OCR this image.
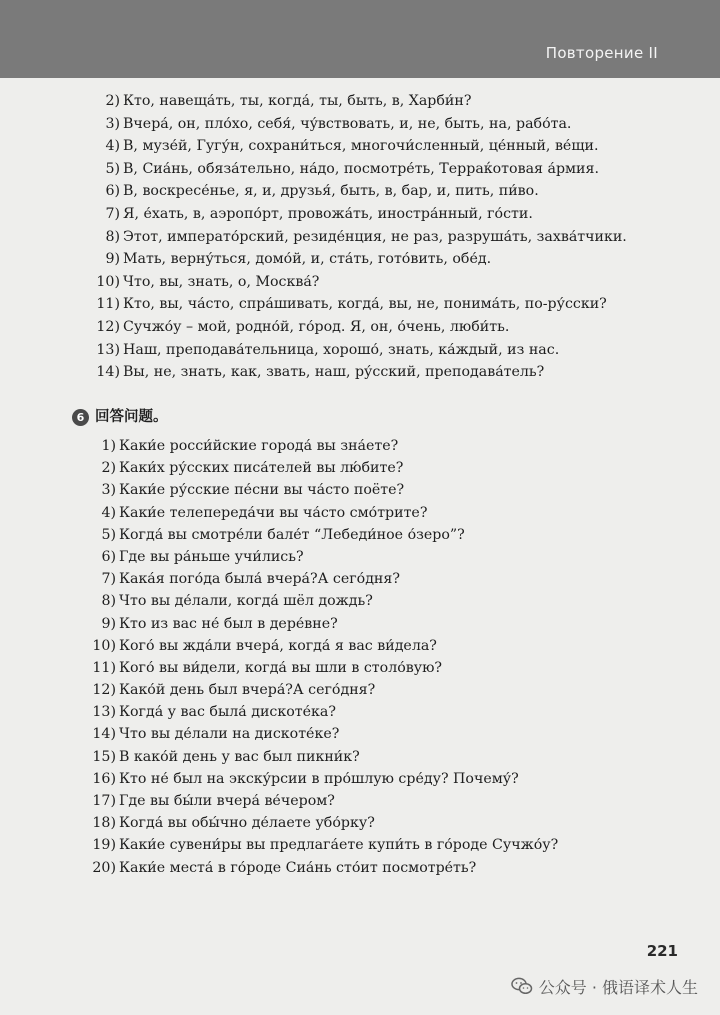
Повторение II
2) Кто, навеща́ть, ты, когда́, ты, быть, в, Харби́н?
3) Вчера́, он, пло́хо, себя́, чу́вствовать, и, не, быть, на, рабо́та.
4) В, музе́й, Гугу́н, сохрани́ться, многочи́сленный, це́нный, ве́щи.
5) В, Сиа́нь, обяза́тельно, на́до, посмотре́ть, Терраќотовая а́рмия.
6) В, воскресе́нье, я, и, друзья́, быть, в, бар, и, пить, пи́во.
7) Я, е́хать, в, аэропо́рт, провожа́ть, иностра́нный, го́сти.
8) Этот, императо́рский, резиде́нция, не раз, разруша́ть, захва́тчики.
9) Мать, верну́ться, домо́й, и, ста́ть, гото́вить, обе́д.
10) Что, вы, знать, о, Москва́?
11) Кто, вы, ча́сто, спра́шивать, когда́, вы, не, понима́ть, по-ру́сски?
12) Сучжо́у – мой, родно́й, го́род. Я, он, о́чень, люби́ть.
13) Наш, преподава́тельница, хорошо́, знать, ка́ждый, из нас.
14) Вы, не, знать, как, звать, наш, ру́сский, преподава́тель?
6 回答问题。
1) Каки́е росси́йские города́ вы зна́ете?
2) Каки́х ру́сских писа́телей вы лю́бите?
3) Каки́е ру́сские пе́сни вы ча́сто поёте?
4) Каки́е телепереда́чи вы ча́сто смо́трите?
5) Когда́ вы смотре́ли бале́т “Лебеди́ное о́зеро”?
6) Где вы ра́ньше учи́лись?
7) Кака́я пого́да была́ вчера́?А сего́дня?
8) Что вы де́лали, когда́ шёл дождь?
9) Кто из вас не́ был в дере́вне?
10) Кого́ вы жда́ли вчера́, когда́ я вас ви́дела?
11) Кого́ вы ви́дели, когда́ вы шли в столо́вую?
12) Како́й день был вчера́?А сего́дня?
13) Когда́ у вас была́ дискоте́ка?
14) Что вы де́лали на дискоте́ке?
15) В како́й день у вас был пикни́к?
16) Кто не́ был на экску́рсии в про́шлую сре́ду? Почему́?
17) Где вы бы́ли вчера́ ве́чером?
18) Когда́ вы обы́чно де́лаете убо́рку?
19) Каки́е сувени́ры вы предлага́ете купи́ть в го́роде Сучжо́у?
20) Каки́е места́ в го́роде Сиа́нь сто́ит посмотре́ть?
221
公众号 · 俄语译术人生
